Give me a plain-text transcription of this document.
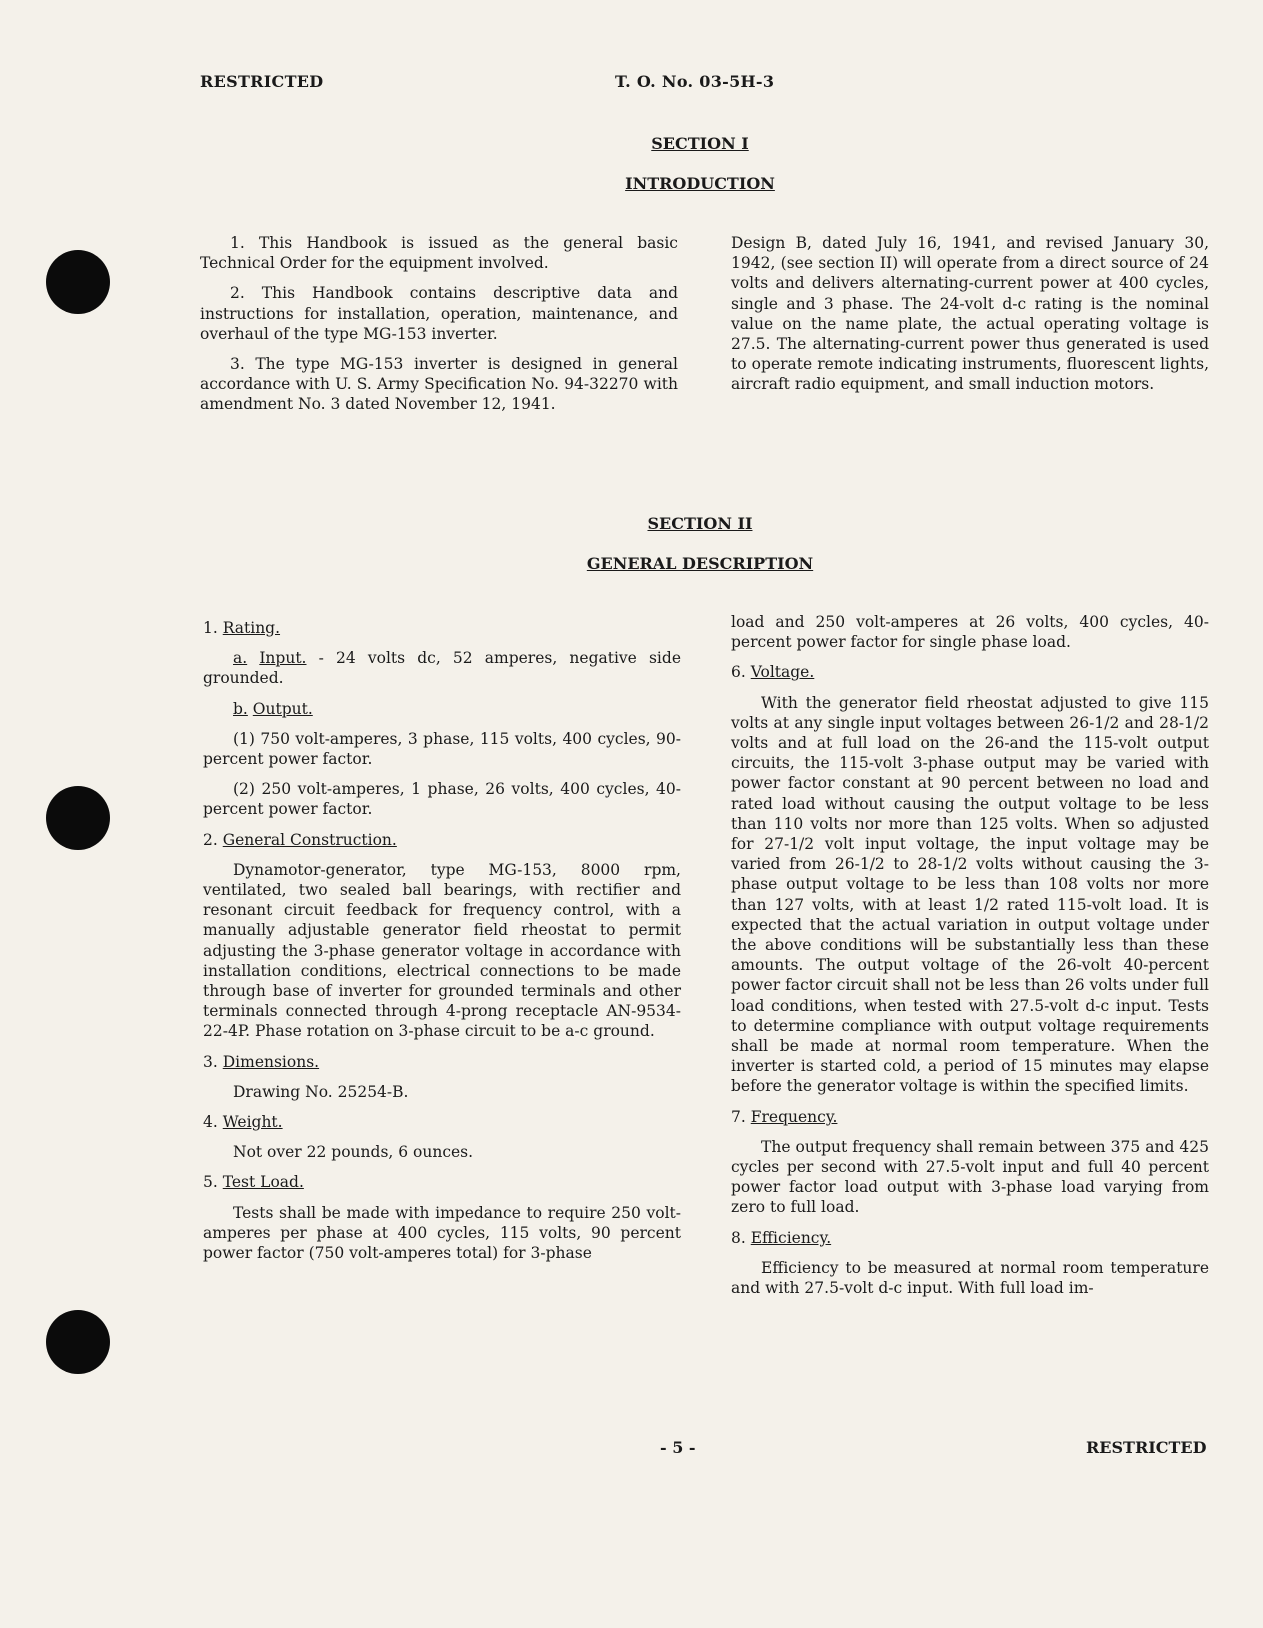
RESTRICTED	T. O. No. 03-5H-3
SECTION I
INTRODUCTION

1. This Handbook is issued as the general basic Technical Order for the equipment involved.

2. This Handbook contains descriptive data and instructions for installation, operation, maintenance, and overhaul of the type MG-153 inverter.

3. The type MG-153 inverter is designed in general accordance with U. S. Army Specification No. 94-32270 with amendment No. 3 dated November 12, 1941.

Design B, dated July 16, 1941, and revised January 30, 1942, (see section II) will operate from a direct source of 24 volts and delivers alternating-current power at 400 cycles, single and 3 phase. The 24-volt d-c rating is the nominal value on the name plate, the actual operating voltage is 27.5. The alternating-current power thus generated is used to operate remote indicating instruments, fluorescent lights, aircraft radio equipment, and small induction motors.

SECTION II
GENERAL DESCRIPTION

1. Rating.

a. Input. - 24 volts dc, 52 amperes, negative side grounded.

b. Output.

(1) 750 volt-amperes, 3 phase, 115 volts, 400 cycles, 90-percent power factor.

(2) 250 volt-amperes, 1 phase, 26 volts, 400 cycles, 40-percent power factor.

2. General Construction.

Dynamotor-generator, type MG-153, 8000 rpm, ventilated, two sealed ball bearings, with rectifier and resonant circuit feedback for frequency control, with a manually adjustable generator field rheostat to permit adjusting the 3-phase generator voltage in accordance with installation conditions, electrical connections to be made through base of inverter for grounded terminals and other terminals connected through 4-prong receptacle AN-9534-22-4P. Phase rotation on 3-phase circuit to be a-c ground.

3. Dimensions.

Drawing No. 25254-B.

4. Weight.

Not over 22 pounds, 6 ounces.

5. Test Load.

Tests shall be made with impedance to require 250 volt-amperes per phase at 400 cycles, 115 volts, 90 percent power factor (750 volt-amperes total) for 3-phase

load and 250 volt-amperes at 26 volts, 400 cycles, 40-percent power factor for single phase load.

6. Voltage.

With the generator field rheostat adjusted to give 115 volts at any single input voltages between 26-1/2 and 28-1/2 volts and at full load on the 26-and the 115-volt output circuits, the 115-volt 3-phase output may be varied with power factor constant at 90 percent between no load and rated load without causing the output voltage to be less than 110 volts nor more than 125 volts. When so adjusted for 27-1/2 volt input voltage, the input voltage may be varied from 26-1/2 to 28-1/2 volts without causing the 3-phase output voltage to be less than 108 volts nor more than 127 volts, with at least 1/2 rated 115-volt load. It is expected that the actual variation in output voltage under the above conditions will be substantially less than these amounts. The output voltage of the 26-volt 40-percent power factor circuit shall not be less than 26 volts under full load conditions, when tested with 27.5-volt d-c input. Tests to determine compliance with output voltage requirements shall be made at normal room temperature. When the inverter is started cold, a period of 15 minutes may elapse before the generator voltage is within the specified limits.

7. Frequency.

The output frequency shall remain between 375 and 425 cycles per second with 27.5-volt input and full 40 percent power factor load output with 3-phase load varying from zero to full load.

8. Efficiency.

Efficiency to be measured at normal room temperature and with 27.5-volt d-c input. With full load im-

- 5 -	RESTRICTED
